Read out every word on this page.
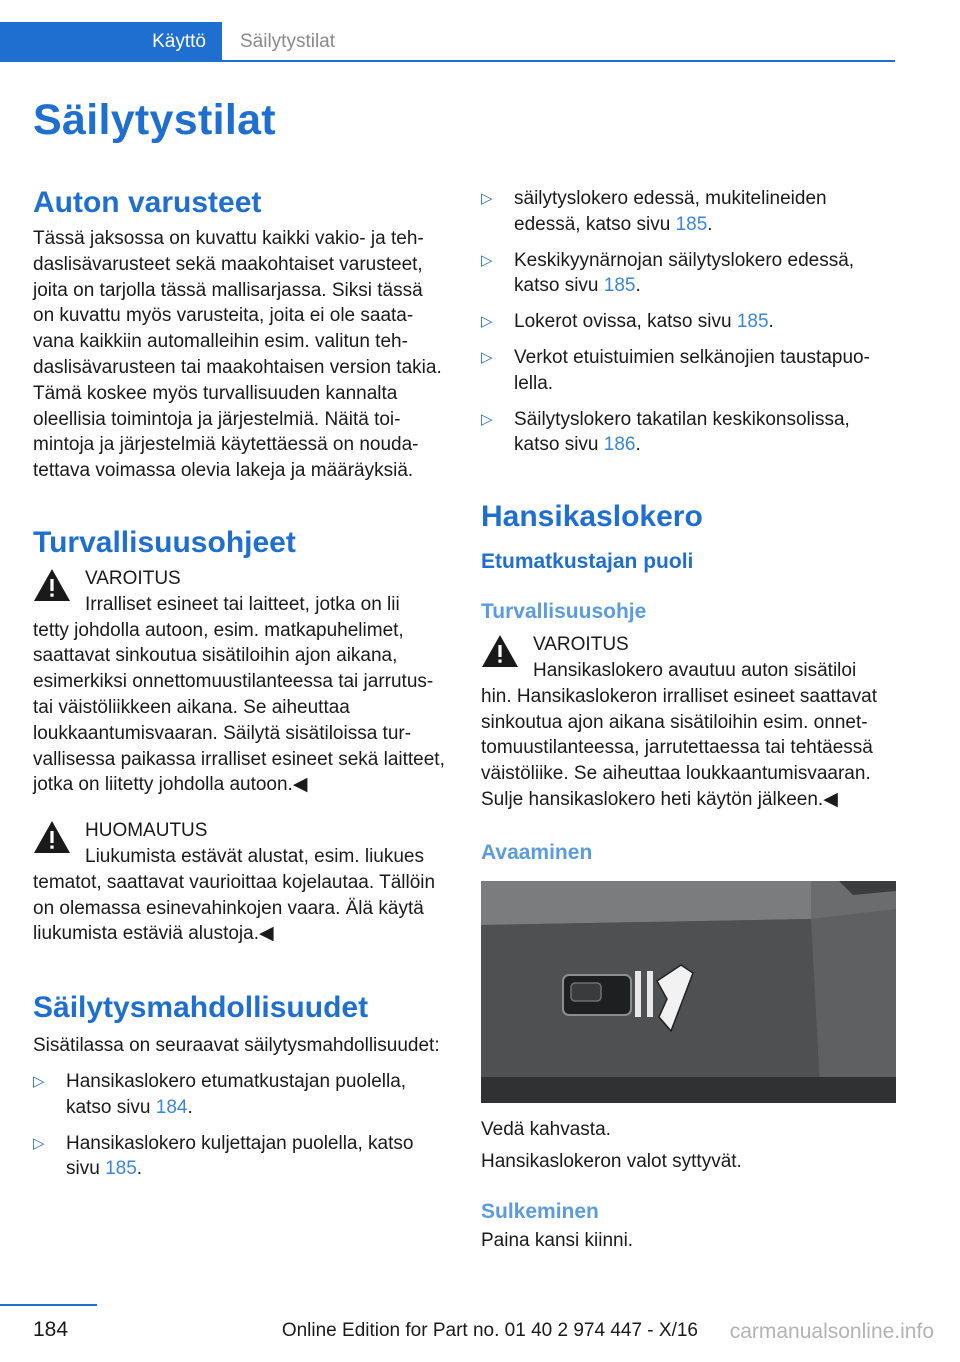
Käyttö	Säilytystilat
Säilytystilat
Auton varusteet

Tässä jaksossa on kuvattu kaikki vakio- ja tehdaslisävarusteet sekä maakohtaiset varusteet, joita on tarjolla tässä mallisarjassa. Siksi tässä on kuvattu myös varusteita, joita ei ole saatavana kaikkiin automalleihin esim. valitun tehdaslisävarusteen tai maakohtaisen version takia. Tämä koskee myös turvallisuuden kannalta oleellisia toimintoja ja järjestelmiä. Näitä toimintoja ja järjestelmiä käytettäessä on noudatettava voimassa olevia lakeja ja määräyksiä.

Turvallisuusohjeet
VAROITUS

Irralliset esineet tai laitteet, jotka on lii

tetty johdolla autoon, esim. matkapuhelimet, saattavat sinkoutua sisätiloihin ajon aikana, esimerkiksi onnettomuustilanteessa tai jarrutus- tai väistöliikkeen aikana. Se aiheuttaa loukkaantumisvaaran. Säilytä sisätiloissa turvallisessa paikassa irralliset esineet sekä laitteet, jotka on liitetty johdolla autoon.◀

HUOMAUTUS

Liukumista estävät alustat, esim. liukues

tematot, saattavat vaurioittaa kojelautaa. Tällöin on olemassa esinevahinkojen vaara. Älä käytä liukumista estäviä alustoja.◀

Säilytysmahdollisuudet

Sisätilassa on seuraavat säilytysmahdollisuudet:

▷ Hansikaslokero etumatkustajan puolella, katso sivu 184.
▷ Hansikaslokero kuljettajan puolella, katso sivu 185.
▷ säilytyslokero edessä, mukitelineiden edessä, katso sivu 185.
▷ Keskikyynärnojan säilytyslokero edessä, katso sivu 185.
▷ Lokerot ovissa, katso sivu 185.
▷ Verkot etuistuimien selkänojien taustapuolella.
▷ Säilytyslokero takatilan keskikonsolissa, katso sivu 186.
Hansikaslokero
Etumatkustajan puoli
Turvallisuusohje
VAROITUS

Hansikaslokero avautuu auton sisätiloi

hin. Hansikaslokeron irralliset esineet saattavat sinkoutua ajon aikana sisätiloihin esim. onnettomuustilanteessa, jarrutettaessa tai tehtäessä väistöliike. Se aiheuttaa loukkaantumisvaaran. Sulje hansikaslokero heti käytön jälkeen.◀

Avaaminen

Vedä kahvasta.

Hansikaslokeron valot syttyvät.

Sulkeminen

Paina kansi kiinni.

184	Online Edition for Part no. 01 40 2 974 447 - X/16 carmanualsonline.info
